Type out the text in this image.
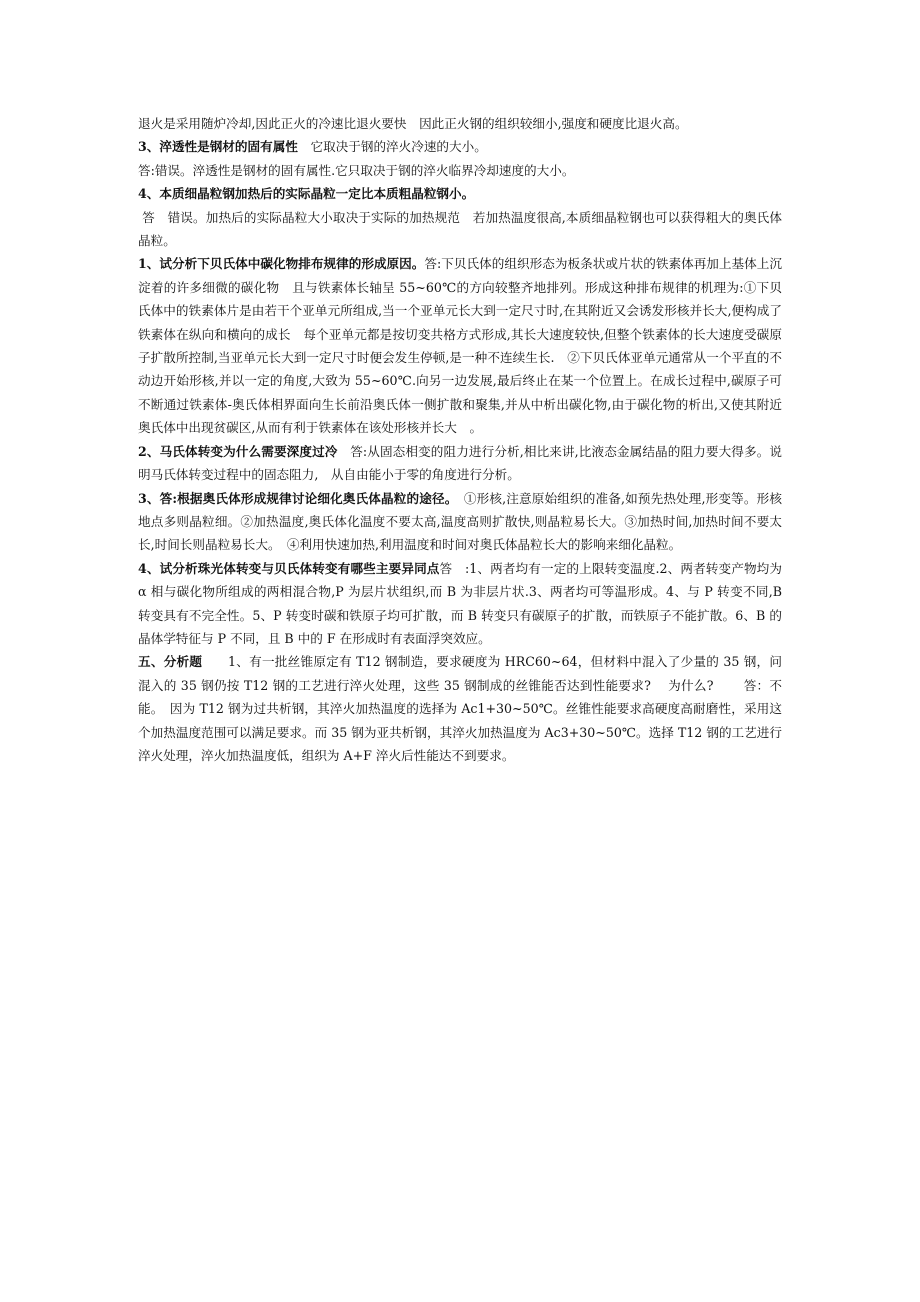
退火是采用随炉冷却,因此正火的冷速比退火要快　因此正火钢的组织较细小,强度和硬度比退火高。

3、淬透性是钢材的固有属性　它取决于钢的淬火冷速的大小。

答:错误。淬透性是钢材的固有属性.它只取决于钢的淬火临界冷却速度的大小。

4、本质细晶粒钢加热后的实际晶粒一定比本质粗晶粒钢小。

答　错误。加热后的实际晶粒大小取决于实际的加热规范　若加热温度很高,本质细晶粒钢也可以获得粗大的奥氏体晶粒。

1、试分析下贝氏体中碳化物排布规律的形成原因。答:下贝氏体的组织形态为板条状或片状的铁素体再加上基体上沉淀着的许多细微的碳化物　且与铁素体长轴呈 55~60℃的方向较整齐地排列。形成这种排布规律的机理为:①下贝氏体中的铁素体片是由若干个亚单元所组成,当一个亚单元长大到一定尺寸时,在其附近又会诱发形核并长大,便构成了铁素体在纵向和横向的成长　每个亚单元都是按切变共格方式形成,其长大速度较快,但整个铁素体的长大速度受碳原子扩散所控制,当亚单元长大到一定尺寸时便会发生停顿,是一种不连续生长.　②下贝氏体亚单元通常从一个平直的不动边开始形核,并以一定的角度,大致为 55~60℃.向另一边发展,最后终止在某一个位置上。在成长过程中,碳原子可不断通过铁素体-奥氏体相界面向生长前沿奥氏体一侧扩散和聚集,并从中析出碳化物,由于碳化物的析出,又使其附近奥氏体中出现贫碳区,从而有利于铁素体在该处形核并长大　。

2、马氏体转变为什么需要深度过冷　答:从固态相变的阻力进行分析,相比来讲,比液态金属结晶的阻力要大得多。说明马氏体转变过程中的固态阻力,　从自由能小于零的角度进行分析。

3、答:根据奥氏体形成规律讨论细化奥氏体晶粒的途径。　①形核,注意原始组织的准备,如预先热处理,形变等。形核地点多则晶粒细。②加热温度,奥氏体化温度不要太高,温度高则扩散快,则晶粒易长大。③加热时间,加热时间不要太长,时间长则晶粒易长大。　④利用快速加热,利用温度和时间对奥氏体晶粒长大的影响来细化晶粒。

4、试分析珠光体转变与贝氏体转变有哪些主要异同点答　:1、两者均有一定的上限转变温度.2、两者转变产物均为 α 相与碳化物所组成的两相混合物,P 为层片状组织,而 B 为非层片状.3、两者均可等温形成。4、与 P 转变不同,B 转变具有不完全性。5、P 转变时碳和铁原子均可扩散，而 B 转变只有碳原子的扩散，而铁原子不能扩散。6、B 的晶体学特征与 P 不同，且 B 中的 F 在形成时有表面浮突效应。

五、分析题　　1、有一批丝锥原定有 T12 钢制造，要求硬度为 HRC60~64，但材料中混入了少量的 35 钢，问混入的 35 钢仍按 T12 钢的工艺进行淬火处理，这些 35 钢制成的丝锥能否达到性能要求?　 为什么?　　 答：不能。　因为 T12 钢为过共析钢，其淬火加热温度的选择为 Ac1+30~50℃。丝锥性能要求高硬度高耐磨性，采用这个加热温度范围可以满足要求。而 35 钢为亚共析钢，其淬火加热温度为 Ac3+30~50℃。选择 T12 钢的工艺进行淬火处理，淬火加热温度低，组织为 A+F 淬火后性能达不到要求。
